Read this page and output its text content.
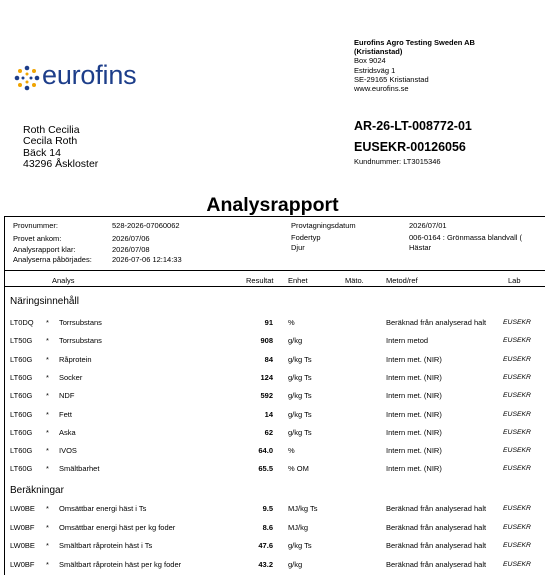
eurofins
Eurofins Agro Testing Sweden AB
(Kristianstad)
Box 9024
Estridsväg 1
SE-29165 Kristianstad
www.eurofins.se
Roth Cecilia
Cecila Roth
Bäck 14
43296 Åskloster
AR-26-LT-008772-01
EUSEKR-00126056
Kundnummer: LT3015346
Analysrapport
Provnummer:	528-2026-07060062
Provet ankom:	2026/07/06
Analysrapport klar:	2026/07/08
Analyserna påbörjades:	2026-07-06 12:14:33
Provtagningsdatum	2026/07/01
Fodertyp	006-0164 : Grönmassa blandvall (
Djur	Hästar
Analys	Resultat Enhet	Mäto.	Metod/ref	Lab
Näringsinnehåll
LT0DQ * Torrsubstans	91 %	Beräknad från analyserad halt EUSEKR
LT50G * Torrsubstans	908 g/kg	Intern metod	EUSEKR
LT60G * Råprotein	84 g/kg Ts	Intern met. (NIR)	EUSEKR
LT60G * Socker	124 g/kg Ts	Intern met. (NIR)	EUSEKR
LT60G * NDF	592 g/kg Ts	Intern met. (NIR)	EUSEKR
LT60G * Fett	14 g/kg Ts	Intern met. (NIR)	EUSEKR
LT60G * Aska	62 g/kg Ts	Intern met. (NIR)	EUSEKR
LT60G * IVOS	64.0 %	Intern met. (NIR)	EUSEKR
LT60G * Smältbarhet	65.5 % OM	Intern met. (NIR)	EUSEKR
Beräkningar
LW0BE * Omsättbar energi häst i Ts	9.5 MJ/kg Ts	Beräknad från analyserad halt EUSEKR
LW0BF * Omsättbar energi häst per kg foder	8.6 MJ/kg	Beräknad från analyserad halt EUSEKR
LW0BE * Smältbart råprotein häst i Ts	47.6 g/kg Ts	Beräknad från analyserad halt EUSEKR
LW0BF * Smältbart råprotein häst per kg foder	43.2 g/kg	Beräknad från analyserad halt EUSEKR
